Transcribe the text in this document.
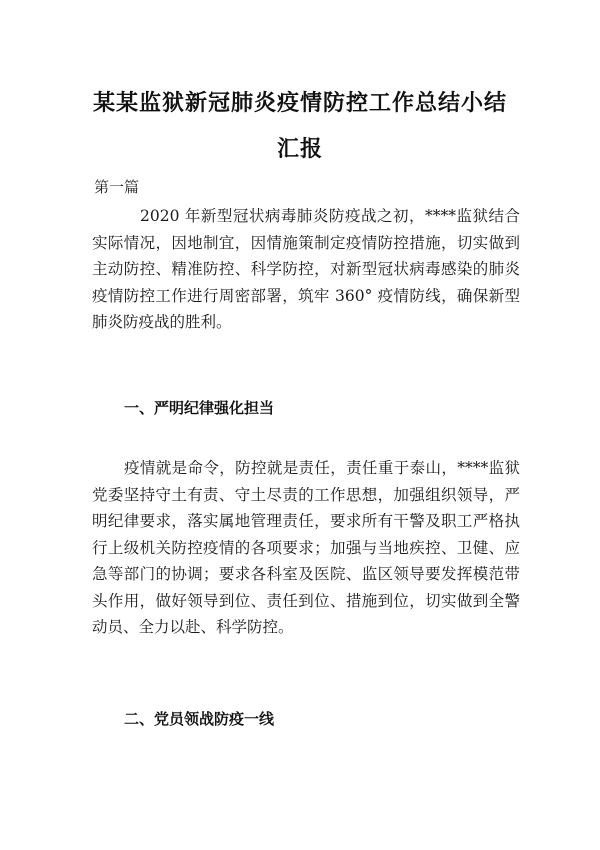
某某监狱新冠肺炎疫情防控工作总结小结
汇报
第一篇
2020 年新型冠状病毒肺炎防疫战之初，****监狱结合实际情况，因地制宜，因情施策制定疫情防控措施，切实做到主动防控、精准防控、科学防控，对新型冠状病毒感染的肺炎疫情防控工作进行周密部署，筑牢 360° 疫情防线，确保新型肺炎防疫战的胜利。
一、严明纪律强化担当
疫情就是命令，防控就是责任，责任重于泰山，****监狱党委坚持守土有责、守土尽责的工作思想，加强组织领导，严明纪律要求，落实属地管理责任，要求所有干警及职工严格执行上级机关防控疫情的各项要求；加强与当地疾控、卫健、应急等部门的协调；要求各科室及医院、监区领导要发挥模范带头作用，做好领导到位、责任到位、措施到位，切实做到全警动员、全力以赴、科学防控。
二、党员领战防疫一线
